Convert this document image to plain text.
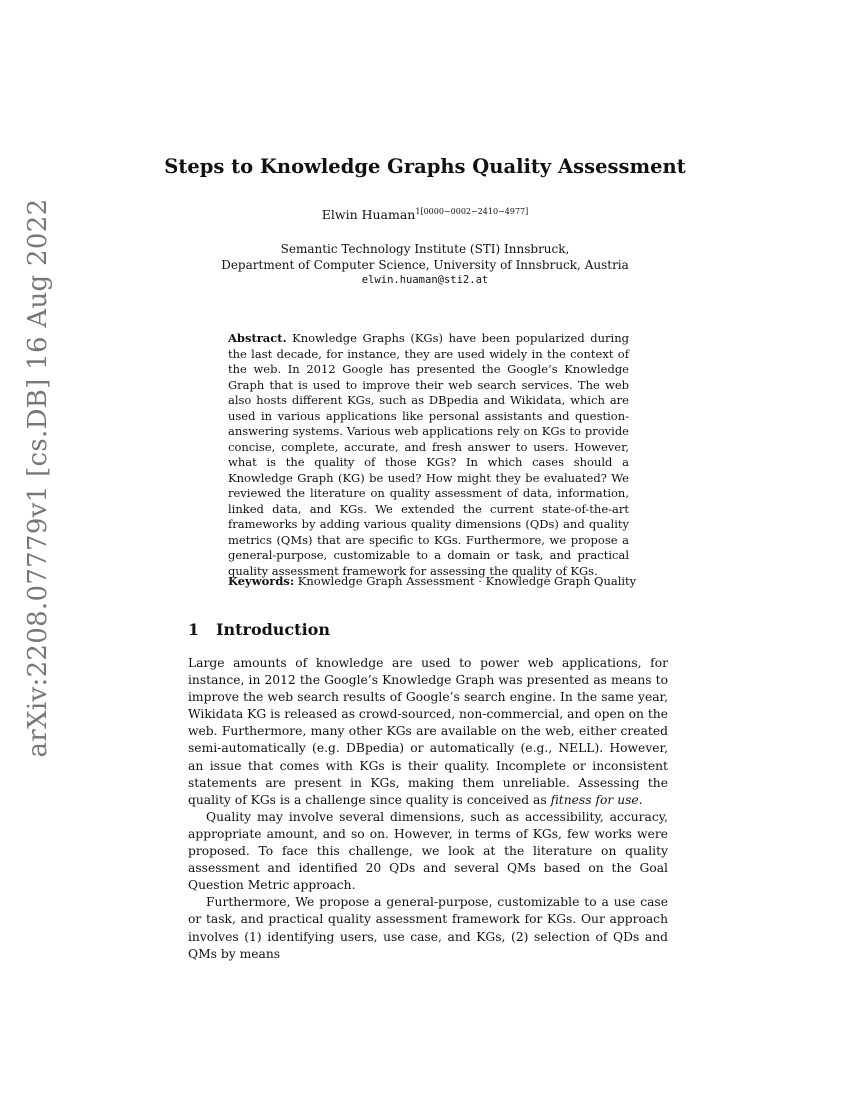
arXiv:2208.07779v1 [cs.DB] 16 Aug 2022
Steps to Knowledge Graphs Quality Assessment
Elwin Huaman$^{1[0000-0002-2410-4977]}$
Semantic Technology Institute (STI) Innsbruck,
Department of Computer Science, University of Innsbruck, Austria
elwin.huaman@sti2.at
Abstract. Knowledge Graphs (KGs) have been popularized during the last decade, for instance, they are used widely in the context of the web. In 2012 Google has presented the Google’s Knowledge Graph that is used to improve their web search services. The web also hosts different KGs, such as DBpedia and Wikidata, which are used in various applications like personal assistants and question-answering systems. Various web applications rely on KGs to provide concise, complete, accurate, and fresh answer to users. However, what is the quality of those KGs? In which cases should a Knowledge Graph (KG) be used? How might they be evaluated? We reviewed the literature on quality assessment of data, information, linked data, and KGs. We extended the current state-of-the-art frameworks by adding various quality dimensions (QDs) and quality metrics (QMs) that are specific to KGs. Furthermore, we propose a general-purpose, customizable to a domain or task, and practical quality assessment framework for assessing the quality of KGs.
Keywords: Knowledge Graph Assessment · Knowledge Graph Quality
1 Introduction

Large amounts of knowledge are used to power web applications, for instance, in 2012 the Google’s Knowledge Graph was presented as means to improve the web search results of Google’s search engine. In the same year, Wikidata KG is released as crowd-sourced, non-commercial, and open on the web. Furthermore, many other KGs are available on the web, either created semi-automatically (e.g. DBpedia) or automatically (e.g., NELL). However, an issue that comes with KGs is their quality. Incomplete or inconsistent statements are present in KGs, making them unreliable. Assessing the quality of KGs is a challenge since quality is conceived as fitness for use.

Quality may involve several dimensions, such as accessibility, accuracy, appropriate amount, and so on. However, in terms of KGs, few works were proposed. To face this challenge, we look at the literature on quality assessment and identified 20 QDs and several QMs based on the Goal Question Metric approach.

Furthermore, We propose a general-purpose, customizable to a use case or task, and practical quality assessment framework for KGs. Our approach involves (1) identifying users, use case, and KGs, (2) selection of QDs and QMs by means
